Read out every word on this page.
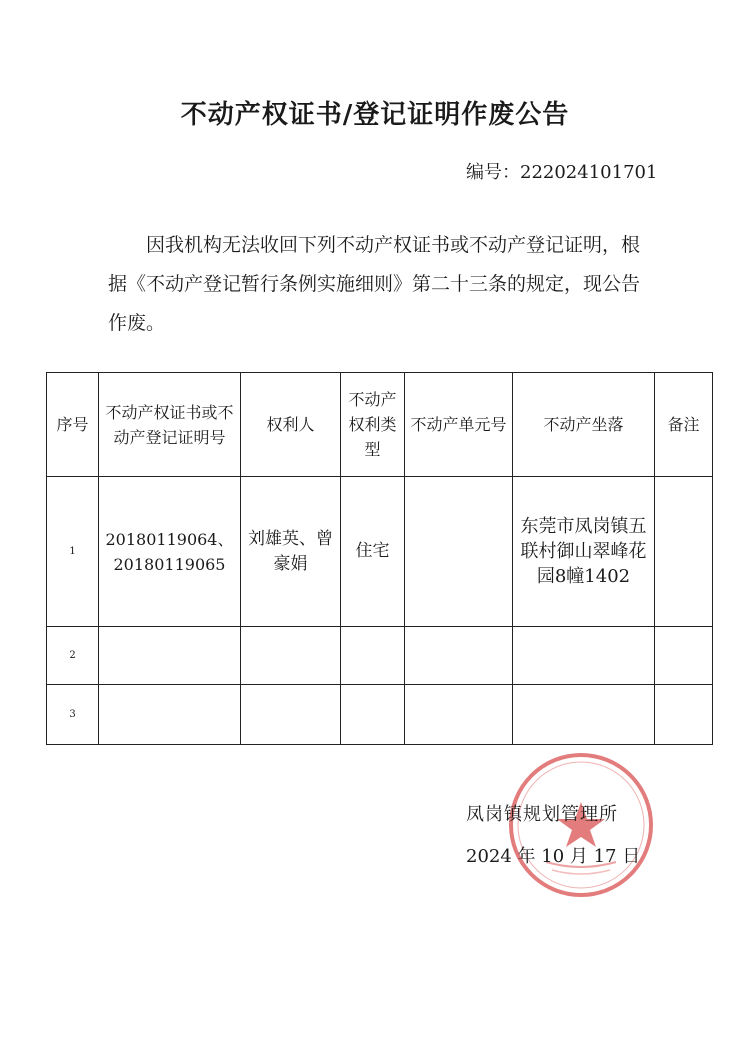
不动产权证书/登记证明作废公告
编号：222024101701

因我机构无法收回下列不动产权证书或不动产登记证明，根据《不动产登记暂行条例实施细则》第二十三条的规定，现公告作废。

序号	不动产权证书或不动产登记证明号	权利人	不动产权利类型	不动产单元号	不动产坐落	备注
1	20180119064、20180119065	刘雄英、曾豪娟	住宅		东莞市凤岗镇五联村御山翠峰花园8幢1402	
2						
3						
凤岗镇规划管理所
2024 年 10 月 17 日
